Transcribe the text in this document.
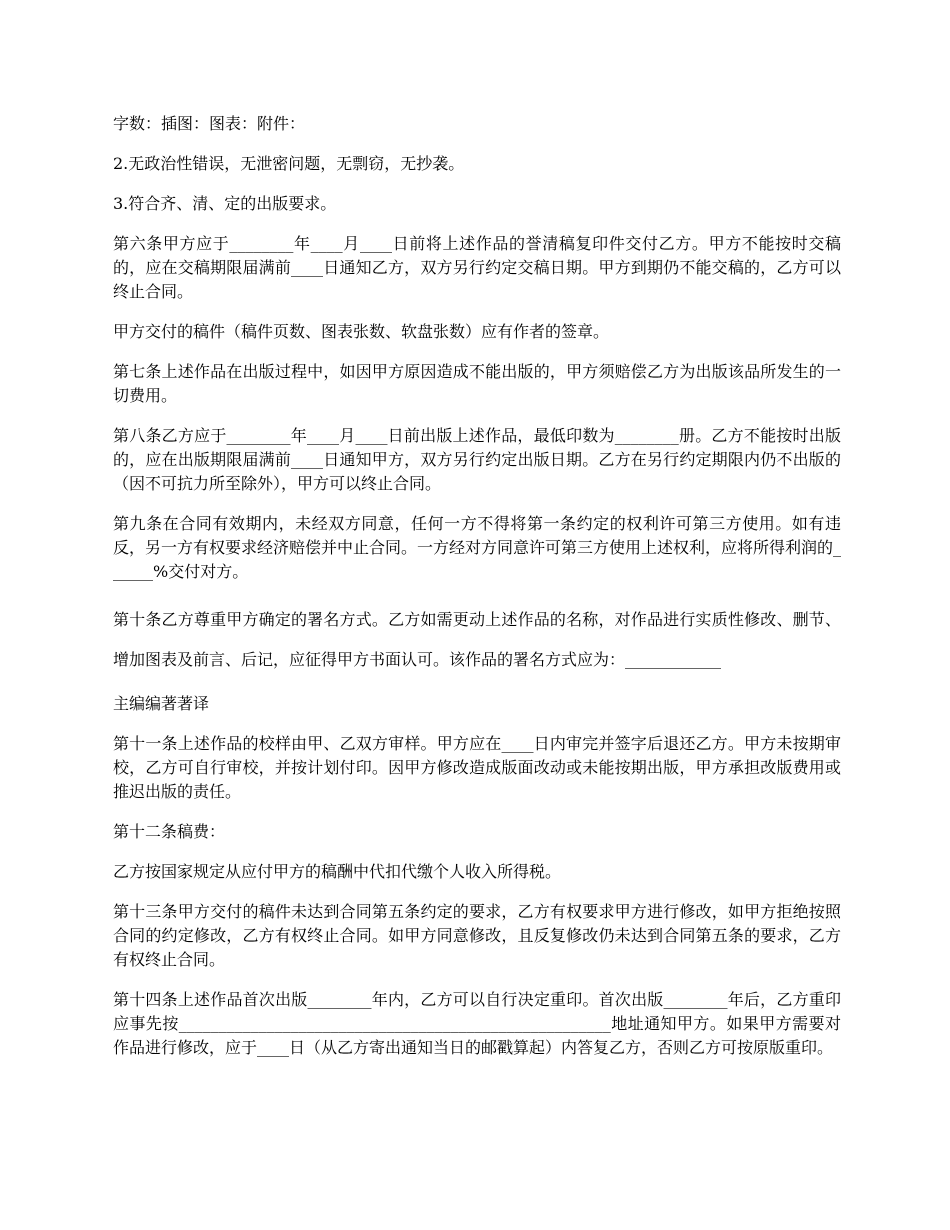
字数：插图：图表：附件：

2.无政治性错误，无泄密问题，无剽窃，无抄袭。

3.符合齐、清、定的出版要求。

第六条甲方应于________年____月____日前将上述作品的誉清稿复印件交付乙方。甲方不能按时交稿的，应在交稿期限届满前____日通知乙方，双方另行约定交稿日期。甲方到期仍不能交稿的，乙方可以终止合同。

甲方交付的稿件（稿件页数、图表张数、软盘张数）应有作者的签章。

第七条上述作品在出版过程中，如因甲方原因造成不能出版的，甲方须赔偿乙方为出版该品所发生的一切费用。

第八条乙方应于________年____月____日前出版上述作品，最低印数为________册。乙方不能按时出版的，应在出版期限届满前____日通知甲方，双方另行约定出版日期。乙方在另行约定期限内仍不出版的（因不可抗力所至除外），甲方可以终止合同。

第九条在合同有效期内，未经双方同意，任何一方不得将第一条约定的权利许可第三方使用。如有违反，另一方有权要求经济赔偿并中止合同。一方经对方同意许可第三方使用上述权利，应将所得利润的______%交付对方。

第十条乙方尊重甲方确定的署名方式。乙方如需更动上述作品的名称，对作品进行实质性修改、删节、增加图表及前言、后记，应征得甲方书面认可。该作品的署名方式应为：____________

主编编著著译

第十一条上述作品的校样由甲、乙双方审样。甲方应在____日内审完并签字后退还乙方。甲方未按期审校，乙方可自行审校，并按计划付印。因甲方修改造成版面改动或未能按期出版，甲方承担改版费用或推迟出版的责任。

第十二条稿费：

乙方按国家规定从应付甲方的稿酬中代扣代缴个人收入所得税。

第十三条甲方交付的稿件未达到合同第五条约定的要求，乙方有权要求甲方进行修改，如甲方拒绝按照合同的约定修改，乙方有权终止合同。如甲方同意修改，且反复修改仍未达到合同第五条的要求，乙方有权终止合同。

第十四条上述作品首次出版________年内，乙方可以自行决定重印。首次出版________年后，乙方重印应事先按______________________________________________________地址通知甲方。如果甲方需要对作品进行修改，应于____日（从乙方寄出通知当日的邮戳算起）内答复乙方，否则乙方可按原版重印。
